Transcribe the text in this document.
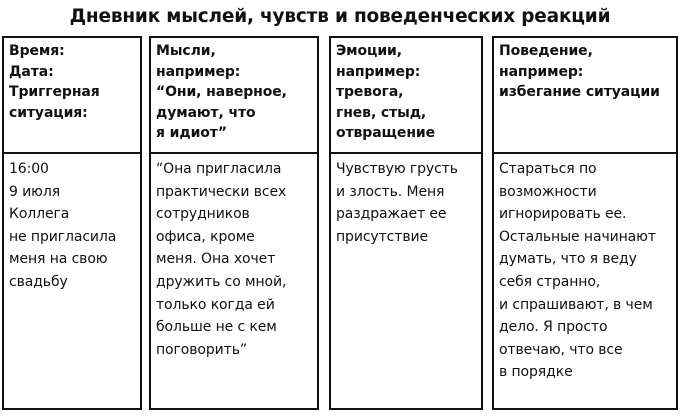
Дневник мыслей, чувств и поведенческих реакций
Время:
Дата:
Триггерная
ситуация:
16:00
9 июля
Коллега
не пригласила
меня на свою
свадьбу
Мысли,
например:
“Они, наверное,
думают, что
я идиот”
“Она пригласила
практически всех
сотрудников
офиса, кроме
меня. Она хочет
дружить со мной,
только когда ей
больше не с кем
поговорить”
Эмоции,
например:
тревога,
гнев, стыд,
отвращение
Чувствую грусть
и злость. Меня
раздражает ее
присутствие
Поведение,
например:
избегание ситуации
Стараться по
возможности
игнорировать ее.
Остальные начинают
думать, что я веду
себя странно,
и спрашивают, в чем
дело. Я просто
отвечаю, что все
в порядке
